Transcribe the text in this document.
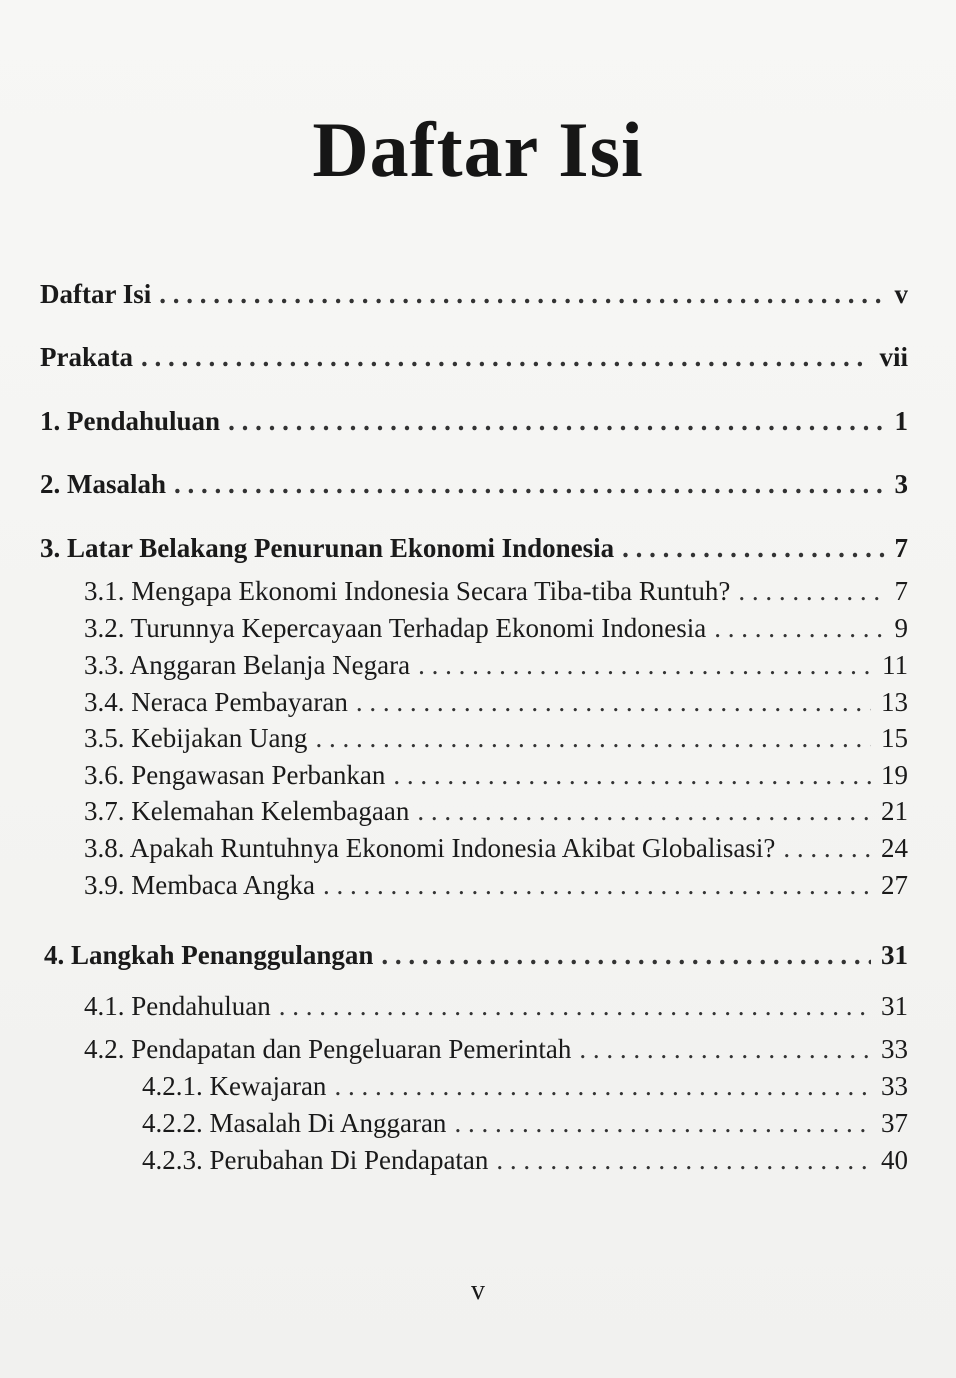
Daftar Isi
Daftar Isi . . .	v
Prakata . . .	vii
1. Pendahuluan . . .	1
2. Masalah . . .	3
3. Latar Belakang Penurunan Ekonomi Indonesia . . .	7
3.1. Mengapa Ekonomi Indonesia Secara Tiba-tiba Runtuh? . . .	7
3.2. Turunnya Kepercayaan Terhadap Ekonomi Indonesia . . .	9
3.3. Anggaran Belanja Negara . . .	11
3.4. Neraca Pembayaran . . .	13
3.5. Kebijakan Uang . . .	15
3.6. Pengawasan Perbankan . . .	19
3.7. Kelemahan Kelembagaan . . .	21
3.8. Apakah Runtuhnya Ekonomi Indonesia Akibat Globalisasi? . . .	24
3.9. Membaca Angka . . .	27
4. Langkah Penanggulangan . . .	31
4.1. Pendahuluan . . .	31
4.2. Pendapatan dan Pengeluaran Pemerintah . . .	33
4.2.1. Kewajaran . . .	33
4.2.2. Masalah Di Anggaran . . .	37
4.2.3. Perubahan Di Pendapatan . . .	40
v
